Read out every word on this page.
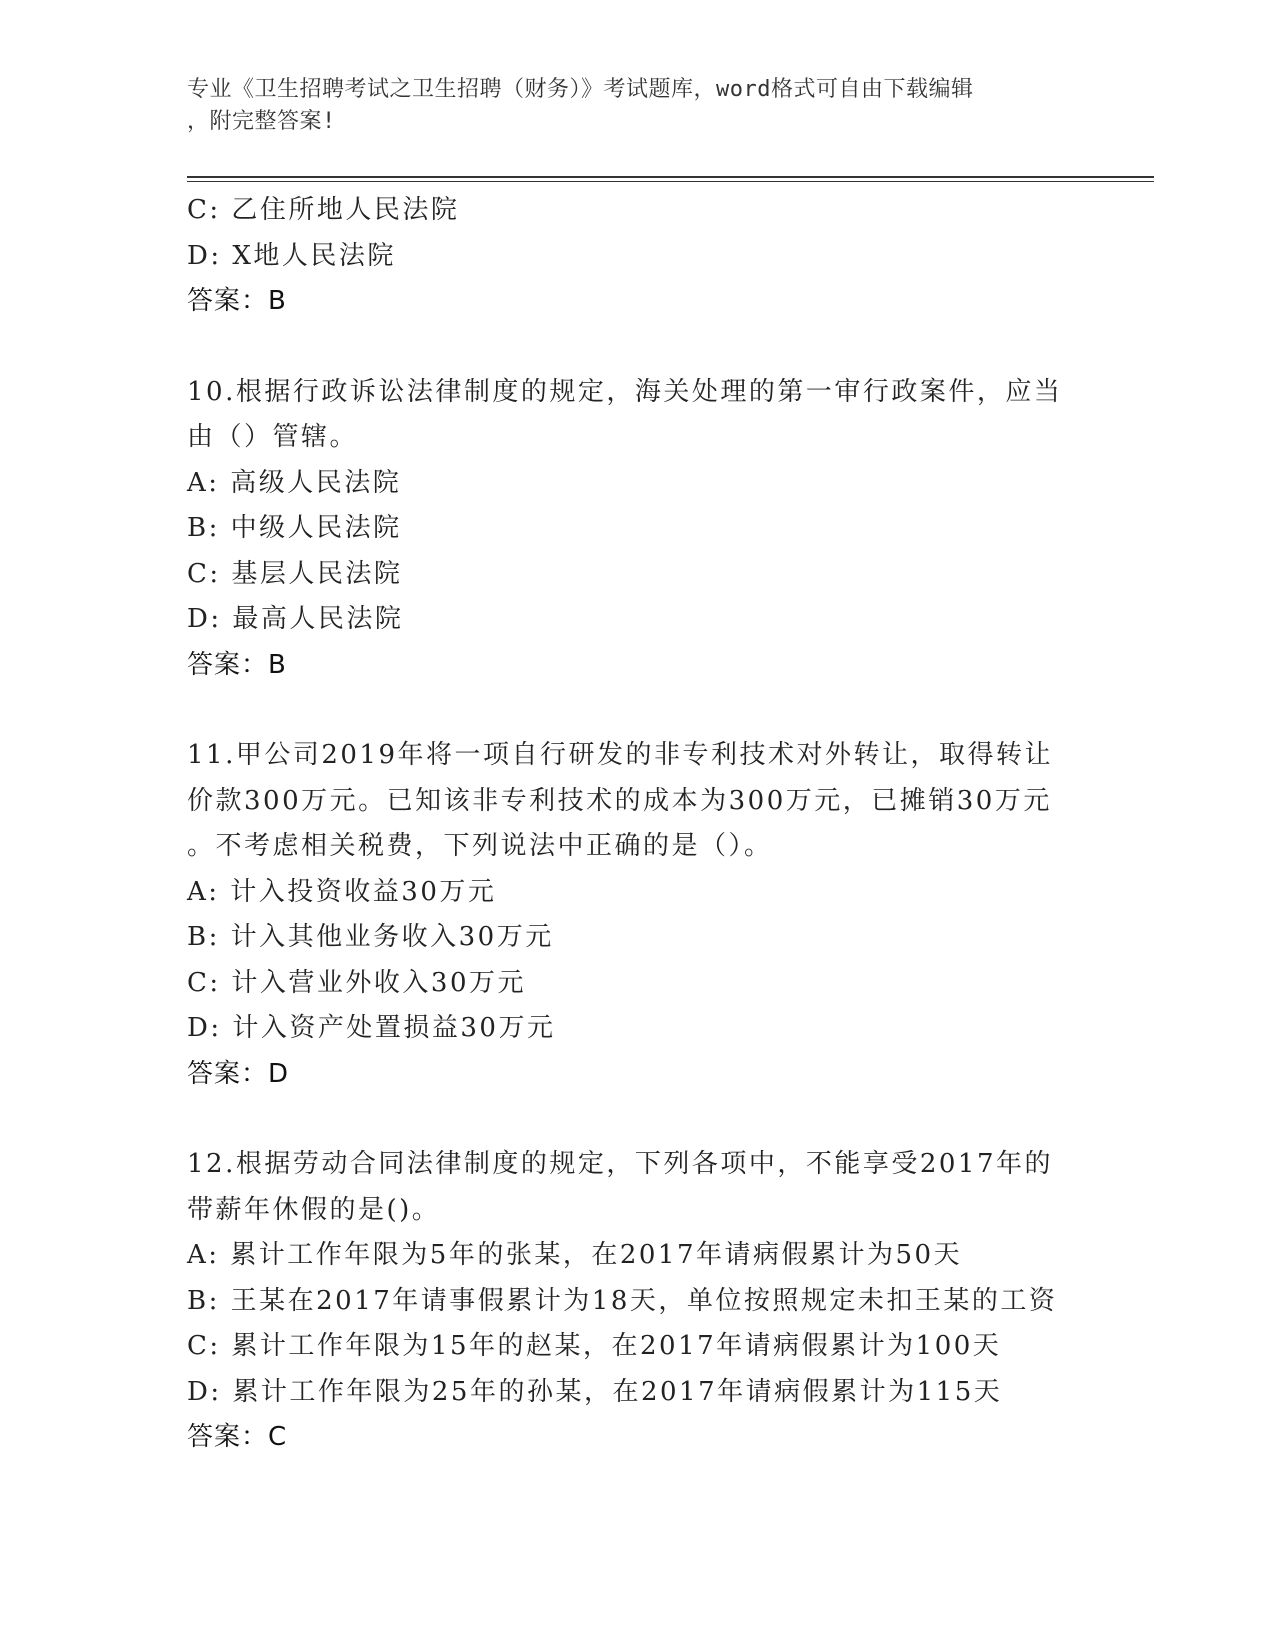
专业《卫生招聘考试之卫生招聘（财务）》考试题库，word格式可自由下载编辑
，附完整答案!
C: 乙住所地人民法院
D: X地人民法院
答案：B
10.根据行政诉讼法律制度的规定，海关处理的第一审行政案件，应当
由（）管辖。
A: 高级人民法院
B: 中级人民法院
C: 基层人民法院
D: 最高人民法院
答案：B
11.甲公司2019年将一项自行研发的非专利技术对外转让，取得转让
价款300万元。已知该非专利技术的成本为300万元，已摊销30万元
。不考虑相关税费，下列说法中正确的是（）。
A: 计入投资收益30万元
B: 计入其他业务收入30万元
C: 计入营业外收入30万元
D: 计入资产处置损益30万元
答案：D
12.根据劳动合同法律制度的规定，下列各项中，不能享受2017年的
带薪年休假的是()。
A: 累计工作年限为5年的张某，在2017年请病假累计为50天
B: 王某在2017年请事假累计为18天，单位按照规定未扣王某的工资
C: 累计工作年限为15年的赵某，在2017年请病假累计为100天
D: 累计工作年限为25年的孙某，在2017年请病假累计为115天
答案：C
